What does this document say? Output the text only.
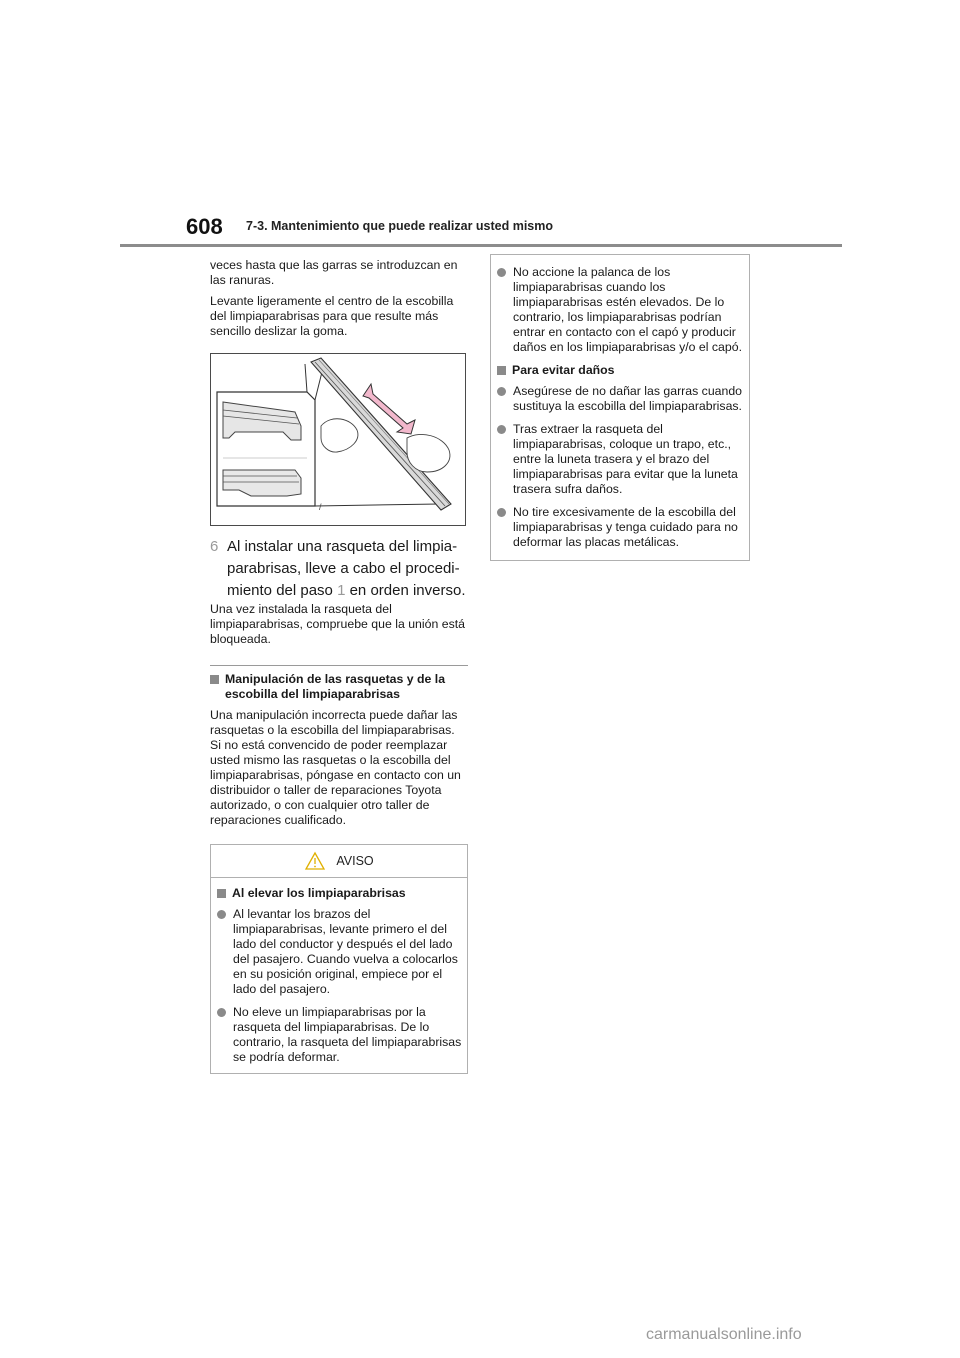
608 7-3. Mantenimiento que puede realizar usted mismo

veces hasta que las garras se introduzcan en las ranuras.

Levante ligeramente el centro de la escobilla del limpiaparabrisas para que resulte más sencillo deslizar la goma.

/
6 Al instalar una rasqueta del limpia-parabrisas, lleve a cabo el procedi-miento del paso 1 en orden inverso.

Una vez instalada la rasqueta del limpiaparabrisas, compruebe que la unión está bloqueada.

Manipulación de las rasquetas y de la escobilla del limpiaparabrisas

Una manipulación incorrecta puede dañar las rasquetas o la escobilla del limpiaparabrisas. Si no está convencido de poder reemplazar usted mismo las rasquetas o la escobilla del limpiaparabrisas, póngase en contacto con un distribuidor o taller de reparaciones Toyota autorizado, o con cualquier otro taller de reparaciones cualificado.

AVISO
Al elevar los limpiaparabrisas
Al levantar los brazos del limpiaparabrisas, levante primero el del lado del conductor y después el del lado del pasajero. Cuando vuelva a colocarlos en su posición original, empiece por el lado del pasajero.
No eleve un limpiaparabrisas por la rasqueta del limpiaparabrisas. De lo contrario, la rasqueta del limpiaparabrisas se podría deformar.
No accione la palanca de los limpiaparabrisas cuando los limpiaparabrisas estén elevados. De lo contrario, los limpiaparabrisas podrían entrar en contacto con el capó y producir daños en los limpiaparabrisas y/o el capó.
Para evitar daños
Asegúrese de no dañar las garras cuando sustituya la escobilla del limpiaparabrisas.
Tras extraer la rasqueta del limpiaparabrisas, coloque un trapo, etc., entre la luneta trasera y el brazo del limpiaparabrisas para evitar que la luneta trasera sufra daños.
No tire excesivamente de la escobilla del limpiaparabrisas y tenga cuidado para no deformar las placas metálicas.
carmanualsonline.info
